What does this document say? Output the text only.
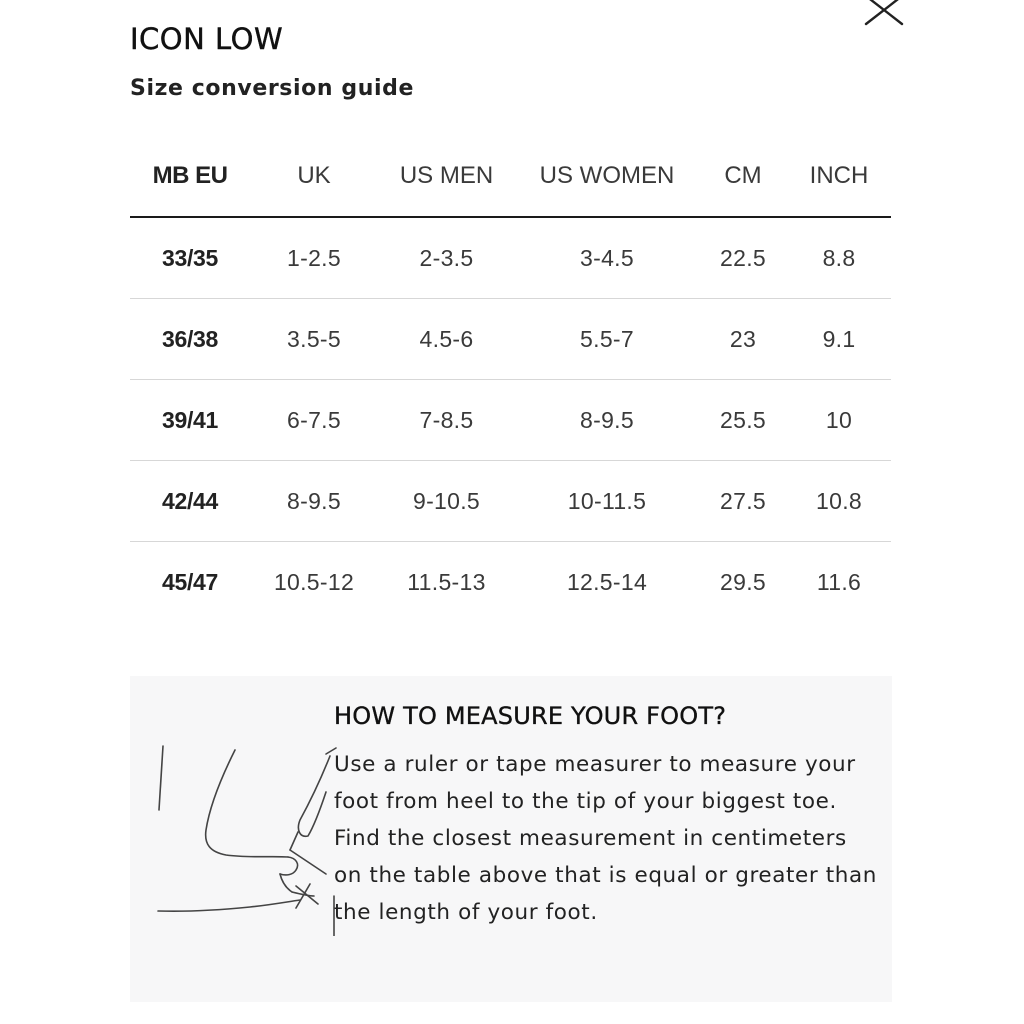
ICON LOW
Size conversion guide
MB EU	UK	US MEN	US WOMEN	CM	INCH
33/35	1-2.5	2-3.5	3-4.5	22.5	8.8
36/38	3.5-5	4.5-6	5.5-7	23	9.1
39/41	6-7.5	7-8.5	8-9.5	25.5	10
42/44	8-9.5	9-10.5	10-11.5	27.5	10.8
45/47	10.5-12	11.5-13	12.5-14	29.5	11.6
HOW TO MEASURE YOUR FOOT?

Use a ruler or tape measurer to measure your foot from heel to the tip of your biggest toe.

Find the closest measurement in centimeters on the table above that is equal or greater than the length of your foot.
